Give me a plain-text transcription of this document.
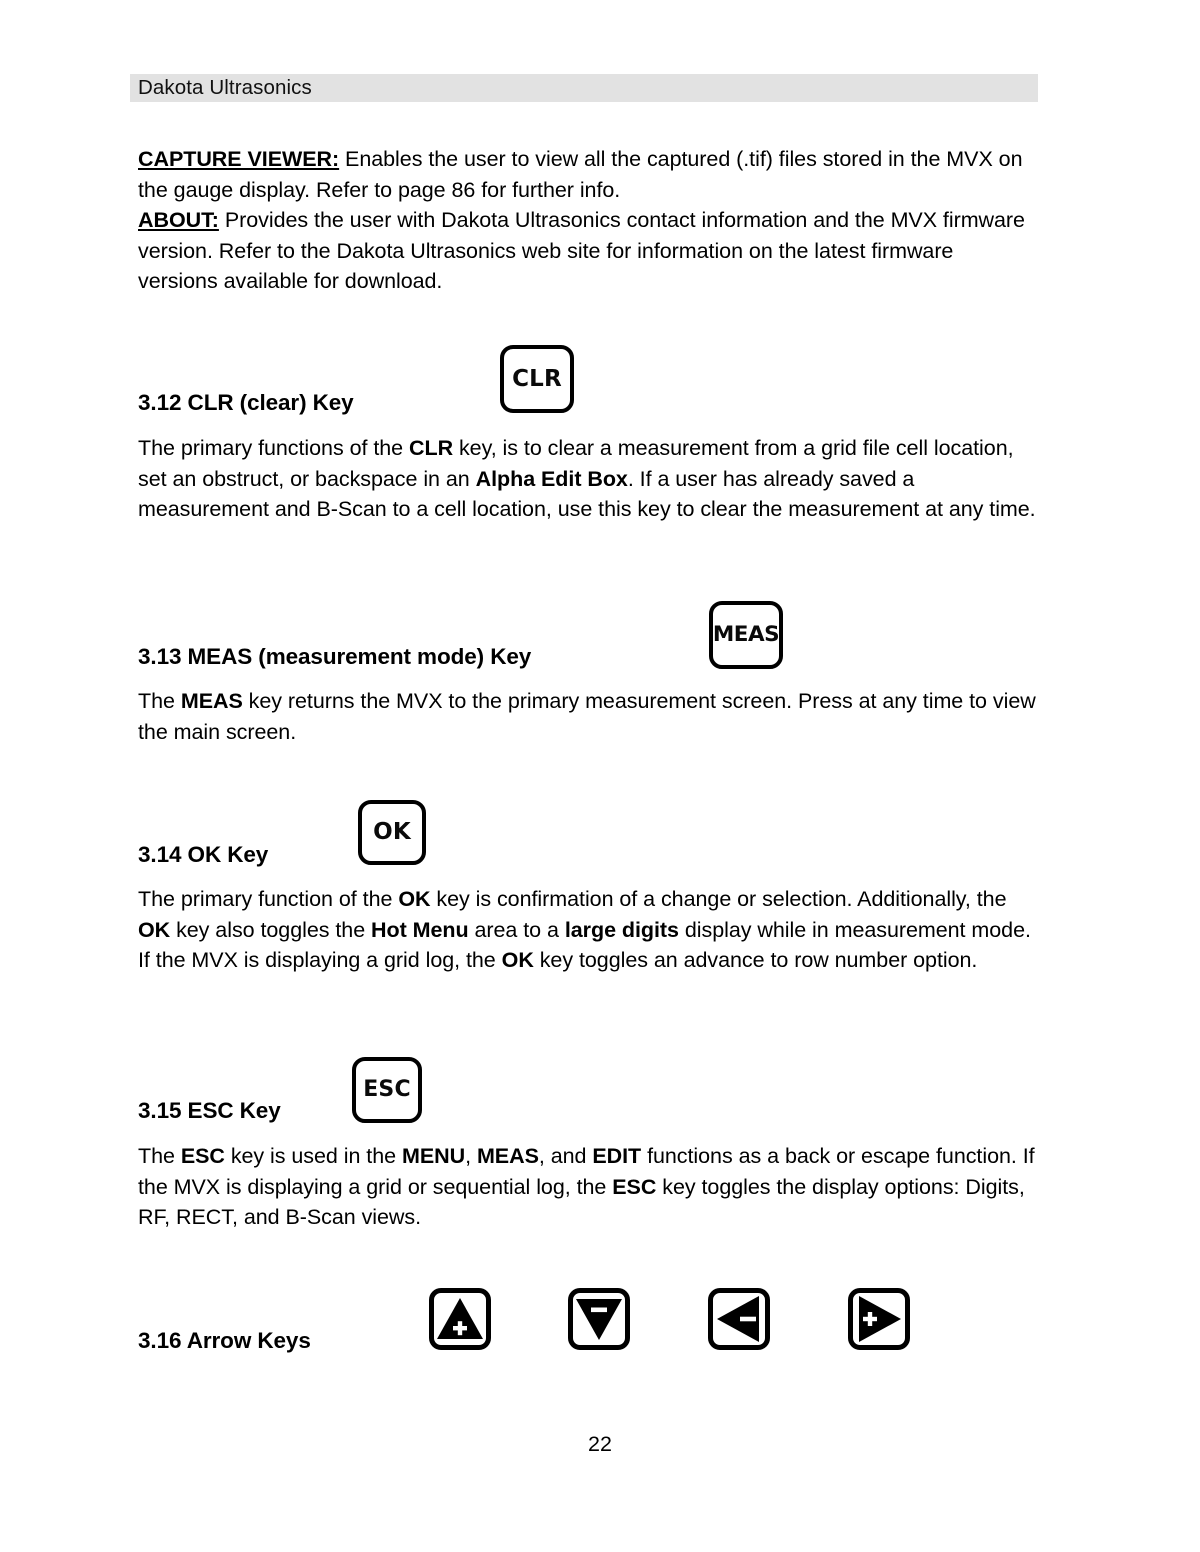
Dakota Ultrasonics
CAPTURE VIEWER: Enables the user to view all the captured (.tif) files stored in the MVX on the gauge display. Refer to page 86 for further info.
ABOUT: Provides the user with Dakota Ultrasonics contact information and the MVX firmware version. Refer to the Dakota Ultrasonics web site for information on the latest firmware versions available for download.
CLR
3.12 CLR (clear) Key
The primary functions of the CLR key, is to clear a measurement from a grid file cell location, set an obstruct, or backspace in an Alpha Edit Box. If a user has already saved a measurement and B-Scan to a cell location, use this key to clear the measurement at any time.
MEAS
3.13 MEAS (measurement mode) Key
The MEAS key returns the MVX to the primary measurement screen. Press at any time to view the main screen.
OK
3.14 OK Key
The primary function of the OK key is confirmation of a change or selection. Additionally, the OK key also toggles the Hot Menu area to a large digits display while in measurement mode. If the MVX is displaying a grid log, the OK key toggles an advance to row number option.
ESC
3.15 ESC Key
The ESC key is used in the MENU, MEAS, and EDIT functions as a back or escape function. If the MVX is displaying a grid or sequential log, the ESC key toggles the display options: Digits, RF, RECT, and B-Scan views.
3.16 Arrow Keys
22
